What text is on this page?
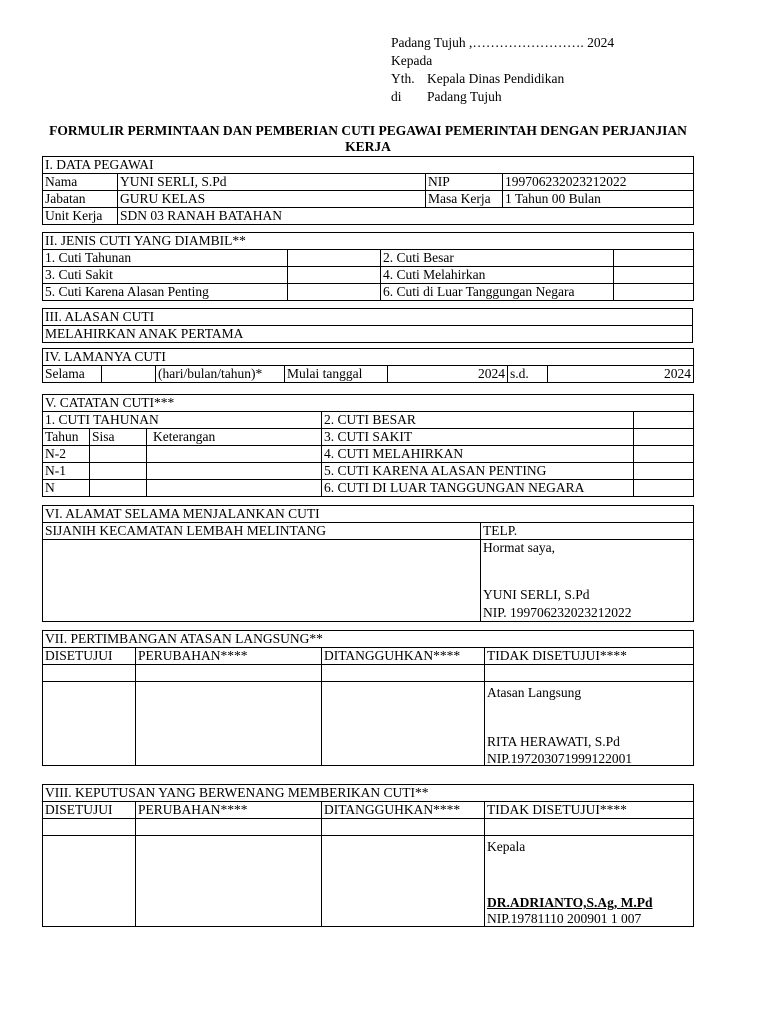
Padang Tujuh ,……………………. 2024
Kepada
Yth. Kepala Dinas Pendidikan
di Padang Tujuh
FORMULIR PERMINTAAN DAN PEMBERIAN CUTI PEGAWAI PEMERINTAH DENGAN PERJANJIAN KERJA
I. DATA PEGAWAI			
Nama	YUNI SERLI, S.Pd	NIP	199706232023212022
Jabatan	GURU KELAS	Masa Kerja	1 Tahun 00 Bulan
Unit Kerja	SDN 03 RANAH BATAHAN		
II. JENIS CUTI YANG DIAMBIL**			
1. Cuti Tahunan		2. Cuti Besar	
3. Cuti Sakit		4. Cuti Melahirkan	
5. Cuti Karena Alasan Penting		6. Cuti di Luar Tanggungan Negara	
III. ALASAN CUTI
MELAHIRKAN ANAK PERTAMA
IV. LAMANYA CUTI
Selama		(hari/bulan/tahun)*	Mulai tanggal	2024	s.d.	2024
V. CATATAN CUTI***				
1. CUTI TAHUNAN			2. CUTI BESAR	
Tahun	Sisa	Keterangan	3. CUTI SAKIT	
N-2			4. CUTI MELAHIRKAN	
N-1			5. CUTI KARENA ALASAN PENTING	
N			6. CUTI DI LUAR TANGGUNGAN NEGARA	
VI. ALAMAT SELAMA MENJALANKAN CUTI	
SIJANIH KECAMATAN LEMBAH MELINTANG	TELP.

	Hormat saya,
YUNI SERLI, S.Pd
NIP. 199706232023212022
VII. PERTIMBANGAN ATASAN LANGSUNG**			
DISETUJUI	PERUBAHAN****	DITANGGUHKAN****	TIDAK DISETUJUI****

			Atasan Langsung
RITA HERAWATI, S.Pd
NIP.197203071999122001
VIII. KEPUTUSAN YANG BERWENANG MEMBERIKAN CUTI**			
DISETUJUI	PERUBAHAN****	DITANGGUHKAN****	TIDAK DISETUJUI****

			Kepala
DR.ADRIANTO,S.Ag, M.Pd
NIP.19781110 200901 1 007
